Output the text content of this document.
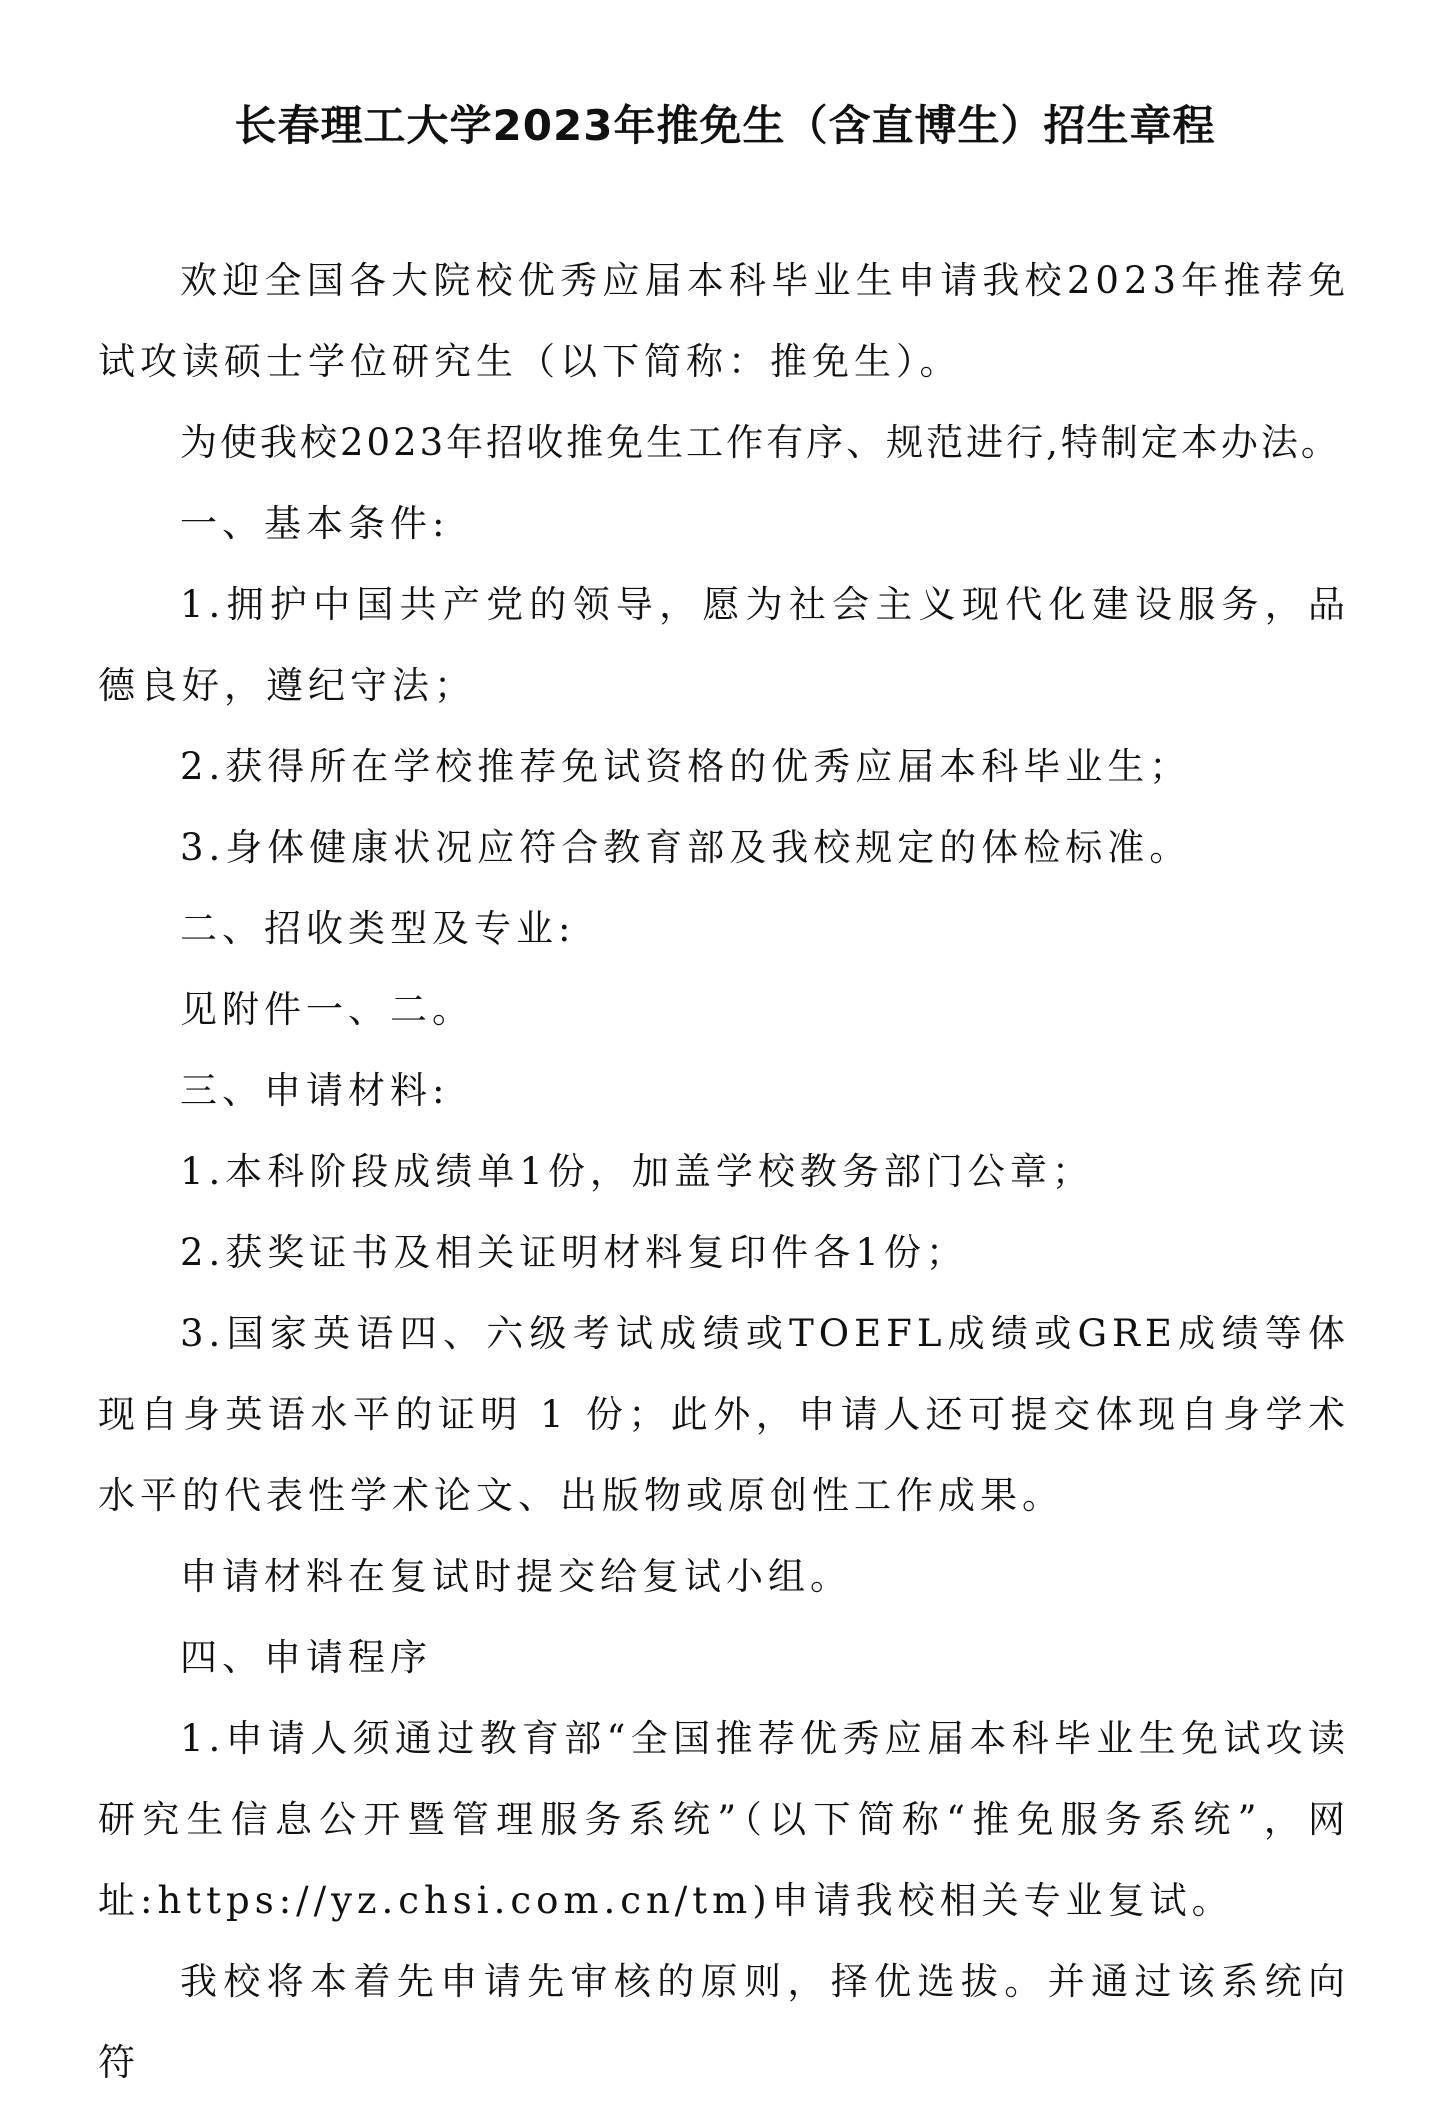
长春理工大学2023年推免生（含直博生）招生章程

欢迎全国各大院校优秀应届本科毕业生申请我校2023年推荐免试攻读硕士学位研究生（以下简称：推免生）。

为使我校2023年招收推免生工作有序、规范进行,特制定本办法。

一、基本条件:

1.拥护中国共产党的领导，愿为社会主义现代化建设服务，品德良好，遵纪守法；

2.获得所在学校推荐免试资格的优秀应届本科毕业生；

3.身体健康状况应符合教育部及我校规定的体检标准。

二、招收类型及专业:

见附件一、二。

三、申请材料:

1.本科阶段成绩单1份，加盖学校教务部门公章；

2.获奖证书及相关证明材料复印件各1份；

3.国家英语四、六级考试成绩或TOEFL成绩或GRE成绩等体现自身英语水平的证明 1 份；此外，申请人还可提交体现自身学术水平的代表性学术论文、出版物或原创性工作成果。

申请材料在复试时提交给复试小组。

四、申请程序

1.申请人须通过教育部“全国推荐优秀应届本科毕业生免试攻读研究生信息公开暨管理服务系统”（以下简称“推免服务系统”，网址:https://yz.chsi.com.cn/tm)申请我校相关专业复试。

我校将本着先申请先审核的原则，择优选拔。并通过该系统向符
